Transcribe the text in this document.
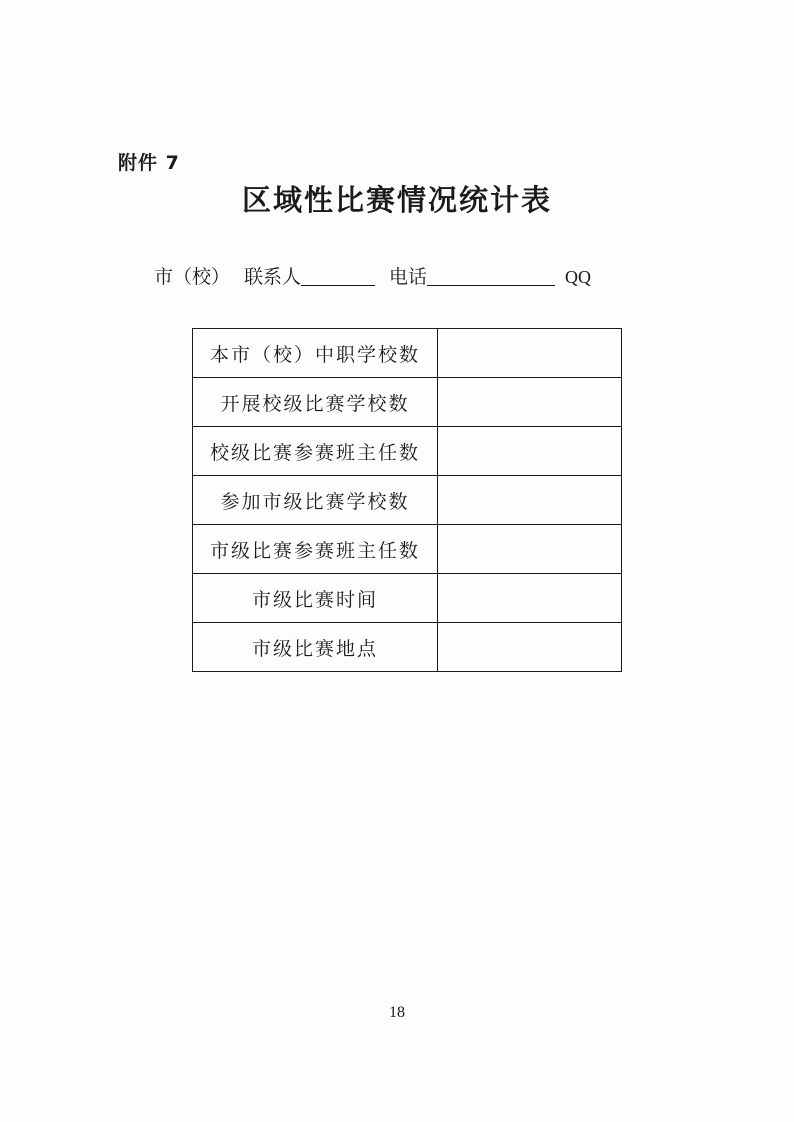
附件 7
区域性比赛情况统计表
市（校） 联系人	电话	QQ
本市（校）中职学校数	
开展校级比赛学校数	
校级比赛参赛班主任数	
参加市级比赛学校数	
市级比赛参赛班主任数	
市级比赛时间	
市级比赛地点	
18
